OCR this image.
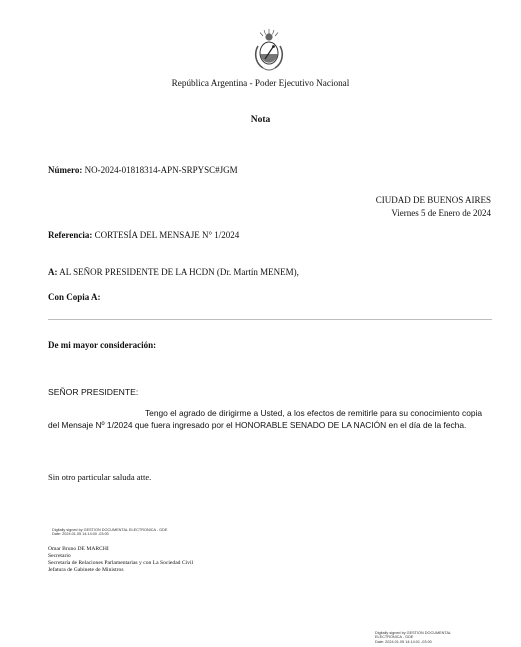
República Argentina - Poder Ejecutivo Nacional
Nota
Número: NO-2024-01818314-APN-SRPYSC#JGM
CIUDAD DE BUENOS AIRES
Viernes 5 de Enero de 2024
Referencia: CORTESÍA DEL MENSAJE N° 1/2024
A: AL SEÑOR PRESIDENTE DE LA HCDN (Dr. Martín MENEM),
Con Copia A:
De mi mayor consideración:
SEÑOR PRESIDENTE:
Tengo el agrado de dirigirme a Usted, a los efectos de remitirle para su conocimiento copia del Mensaje Nº 1/2024 que fuera ingresado por el HONORABLE SENADO DE LA NACIÓN en el día de la fecha.
Sin otro particular saluda atte.
Digitally signed by GESTION DOCUMENTAL ELECTRONICA - GDE
Date: 2024.01.05 14:14:00 -03:00
Omar Bruno DE MARCHI
Secretario
Secretaría de Relaciones Parlamentarias y con La Sociedad Civil
Jefatura de Gabinete de Ministros
Digitally signed by GESTION DOCUMENTAL
ELECTRONICA - GDE
Date: 2024.01.05 14:14:01 -03:00
